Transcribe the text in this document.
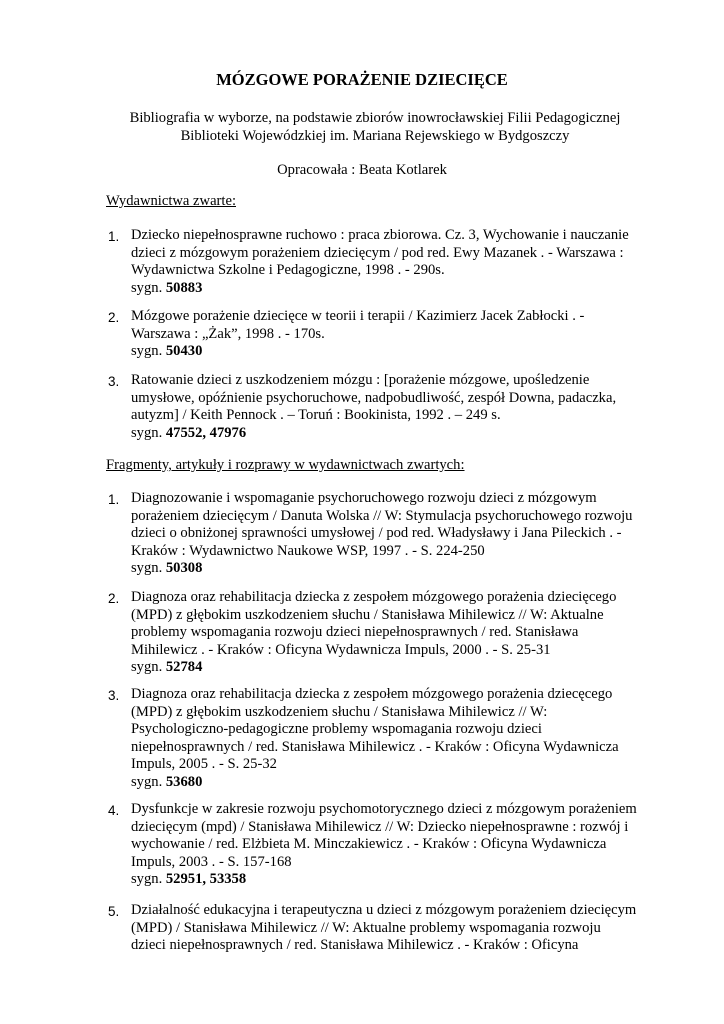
MÓZGOWE PORAŻENIE DZIECIĘCE
Bibliografia w wyborze, na podstawie zbiorów inowrocławskiej Filii Pedagogicznej
Biblioteki Wojewódzkiej im. Mariana Rejewskiego w Bydgoszczy
Opracowała : Beata Kotlarek
Wydawnictwa zwarte:
1. Dziecko niepełnosprawne ruchowo : praca zbiorowa. Cz. 3, Wychowanie i nauczanie
dzieci z mózgowym porażeniem dziecięcym / pod red. Ewy Mazanek . - Warszawa :
Wydawnictwa Szkolne i Pedagogiczne, 1998 . - 290s.
sygn. 50883
2. Mózgowe porażenie dziecięce w teorii i terapii / Kazimierz Jacek Zabłocki . -
Warszawa : „Żak”, 1998 . - 170s.
sygn. 50430
3. Ratowanie dzieci z uszkodzeniem mózgu : [porażenie mózgowe, upośledzenie
umysłowe, opóźnienie psychoruchowe, nadpobudliwość, zespół Downa, padaczka,
autyzm] / Keith Pennock . – Toruń : Bookinista, 1992 . – 249 s.
sygn. 47552, 47976
Fragmenty, artykuły i rozprawy w wydawnictwach zwartych:
1. Diagnozowanie i wspomaganie psychoruchowego rozwoju dzieci z mózgowym
porażeniem dziecięcym / Danuta Wolska // W: Stymulacja psychoruchowego rozwoju
dzieci o obniżonej sprawności umysłowej / pod red. Władysławy i Jana Pileckich . -
Kraków : Wydawnictwo Naukowe WSP, 1997 . - S. 224-250
sygn. 50308
2. Diagnoza oraz rehabilitacja dziecka z zespołem mózgowego porażenia dziecięcego
(MPD) z głębokim uszkodzeniem słuchu / Stanisława Mihilewicz // W: Aktualne
problemy wspomagania rozwoju dzieci niepełnosprawnych / red. Stanisława
Mihilewicz . - Kraków : Oficyna Wydawnicza Impuls, 2000 . - S. 25-31
sygn. 52784
3. Diagnoza oraz rehabilitacja dziecka z zespołem mózgowego porażenia dziecęcego
(MPD) z głębokim uszkodzeniem słuchu / Stanisława Mihilewicz // W:
Psychologiczno-pedagogiczne problemy wspomagania rozwoju dzieci
niepełnosprawnych / red. Stanisława Mihilewicz . - Kraków : Oficyna Wydawnicza
Impuls, 2005 . - S. 25-32
sygn. 53680
4. Dysfunkcje w zakresie rozwoju psychomotorycznego dzieci z mózgowym porażeniem
dziecięcym (mpd) / Stanisława Mihilewicz // W: Dziecko niepełnosprawne : rozwój i
wychowanie / red. Elżbieta M. Minczakiewicz . - Kraków : Oficyna Wydawnicza
Impuls, 2003 . - S. 157-168
sygn. 52951, 53358
5. Działalność edukacyjna i terapeutyczna u dzieci z mózgowym porażeniem dziecięcym
(MPD) / Stanisława Mihilewicz // W: Aktualne problemy wspomagania rozwoju
dzieci niepełnosprawnych / red. Stanisława Mihilewicz . - Kraków : Oficyna
